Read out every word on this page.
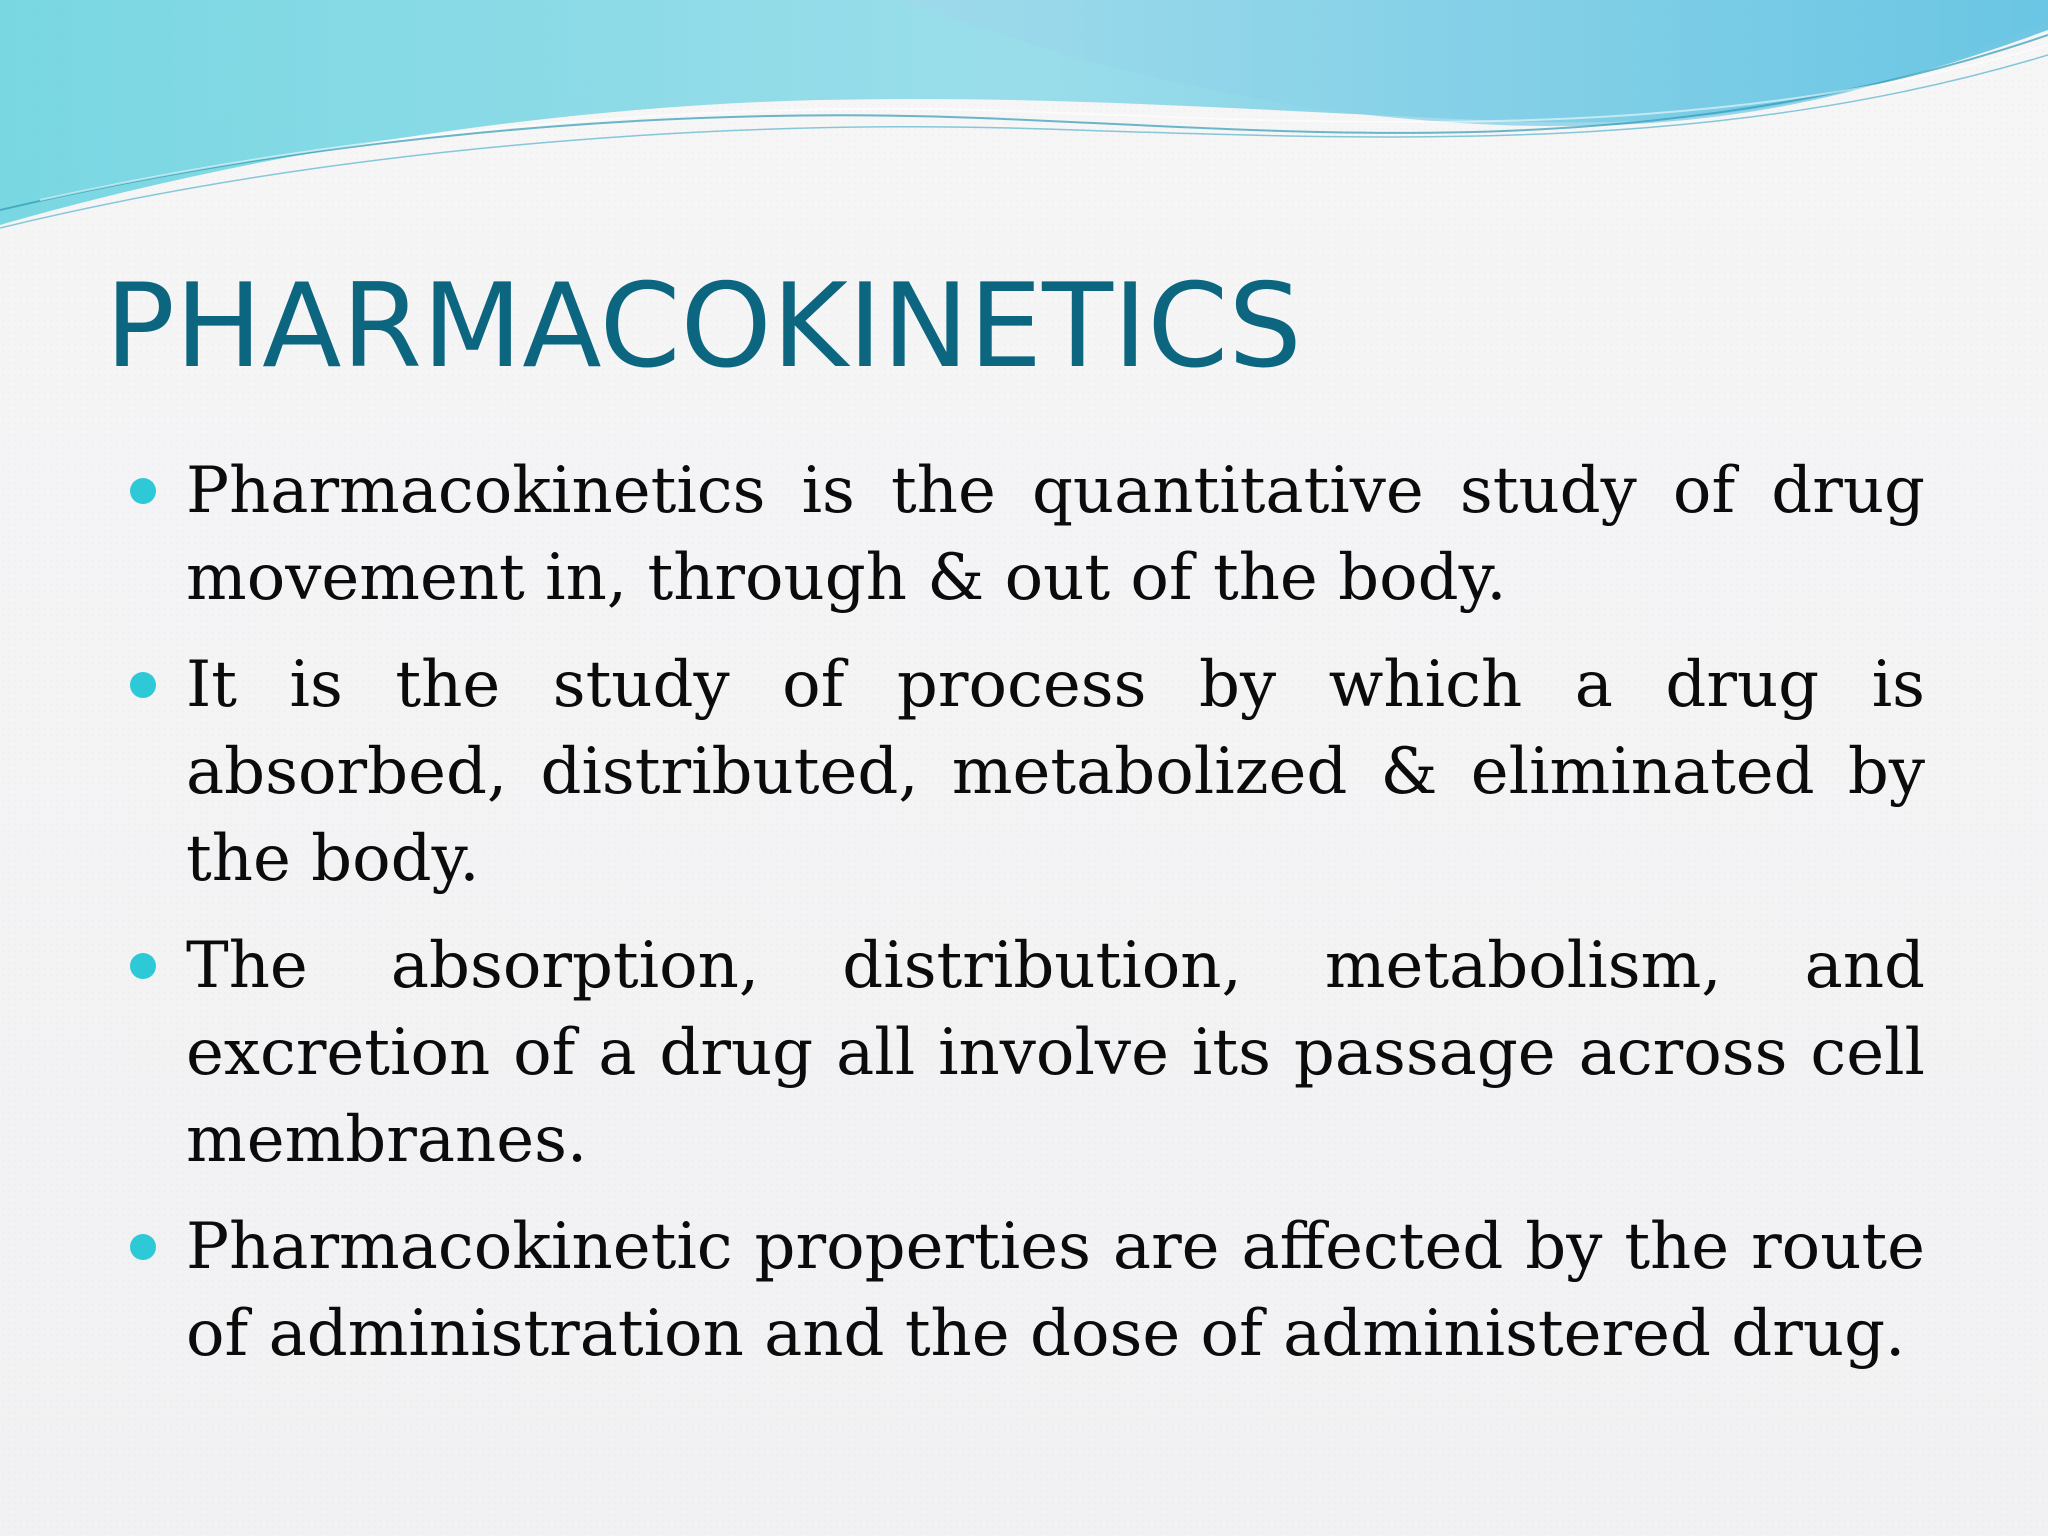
PHARMACOKINETICS
Pharmacokinetics is the quantitative study of drug movement in, through & out of the body.
It is the study of process by which a drug is absorbed, distributed, metabolized & eliminated by the body.
The absorption, distribution, metabolism, and excretion of a drug all involve its passage across cell membranes.
Pharmacokinetic properties are affected by the route of administration and the dose of administered drug.
